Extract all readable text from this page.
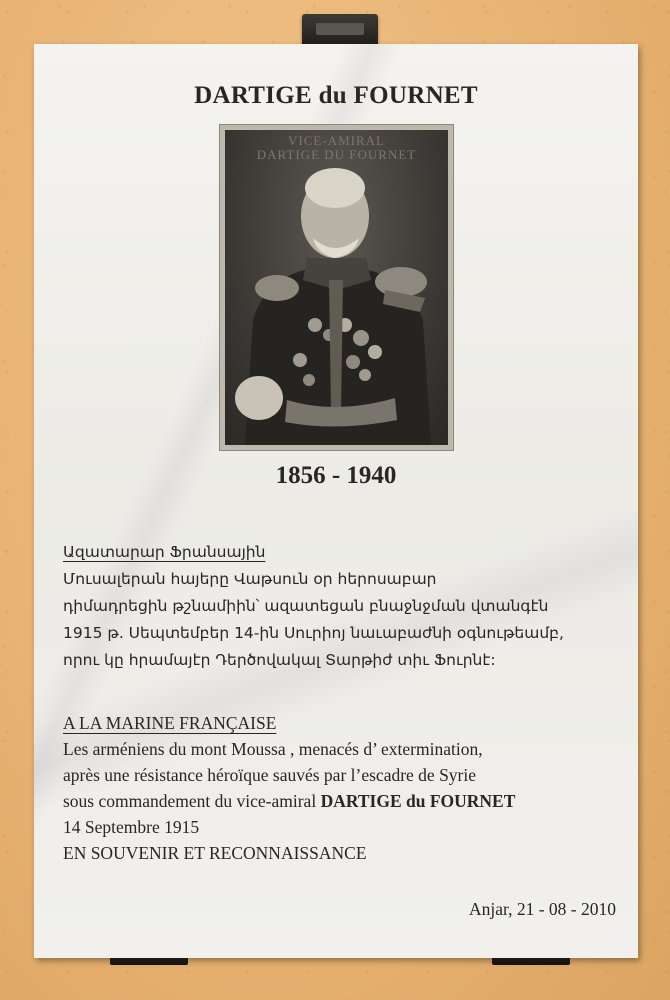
DARTIGE du FOURNET
VICE-AMIRAL
DARTIGE DU FOURNET
1856 - 1940

Ազատարար Ֆրանսային

Մուսալերան հայերը Վաթսուն օր հերոսաբար

դիմադրեցին թշնամիին՝ ազատեցան բնաջնջման վտանգէն

1915 թ. Սեպտեմբեր 14-ին Սուրիոյ նաւաբաժնի օգնութեամբ,

որու կը հրամայէր Դերծովակալ Տարթիժ տիւ Ֆուրնէ:

A LA MARINE FRANÇAISE

Les arméniens du mont Moussa , menacés d’ extermination,

après une résistance héroïque sauvés par l’escadre de Syrie

sous commandement du vice-amiral DARTIGE du FOURNET

14 Septembre 1915

EN SOUVENIR ET RECONNAISSANCE

Anjar, 21 - 08 - 2010
